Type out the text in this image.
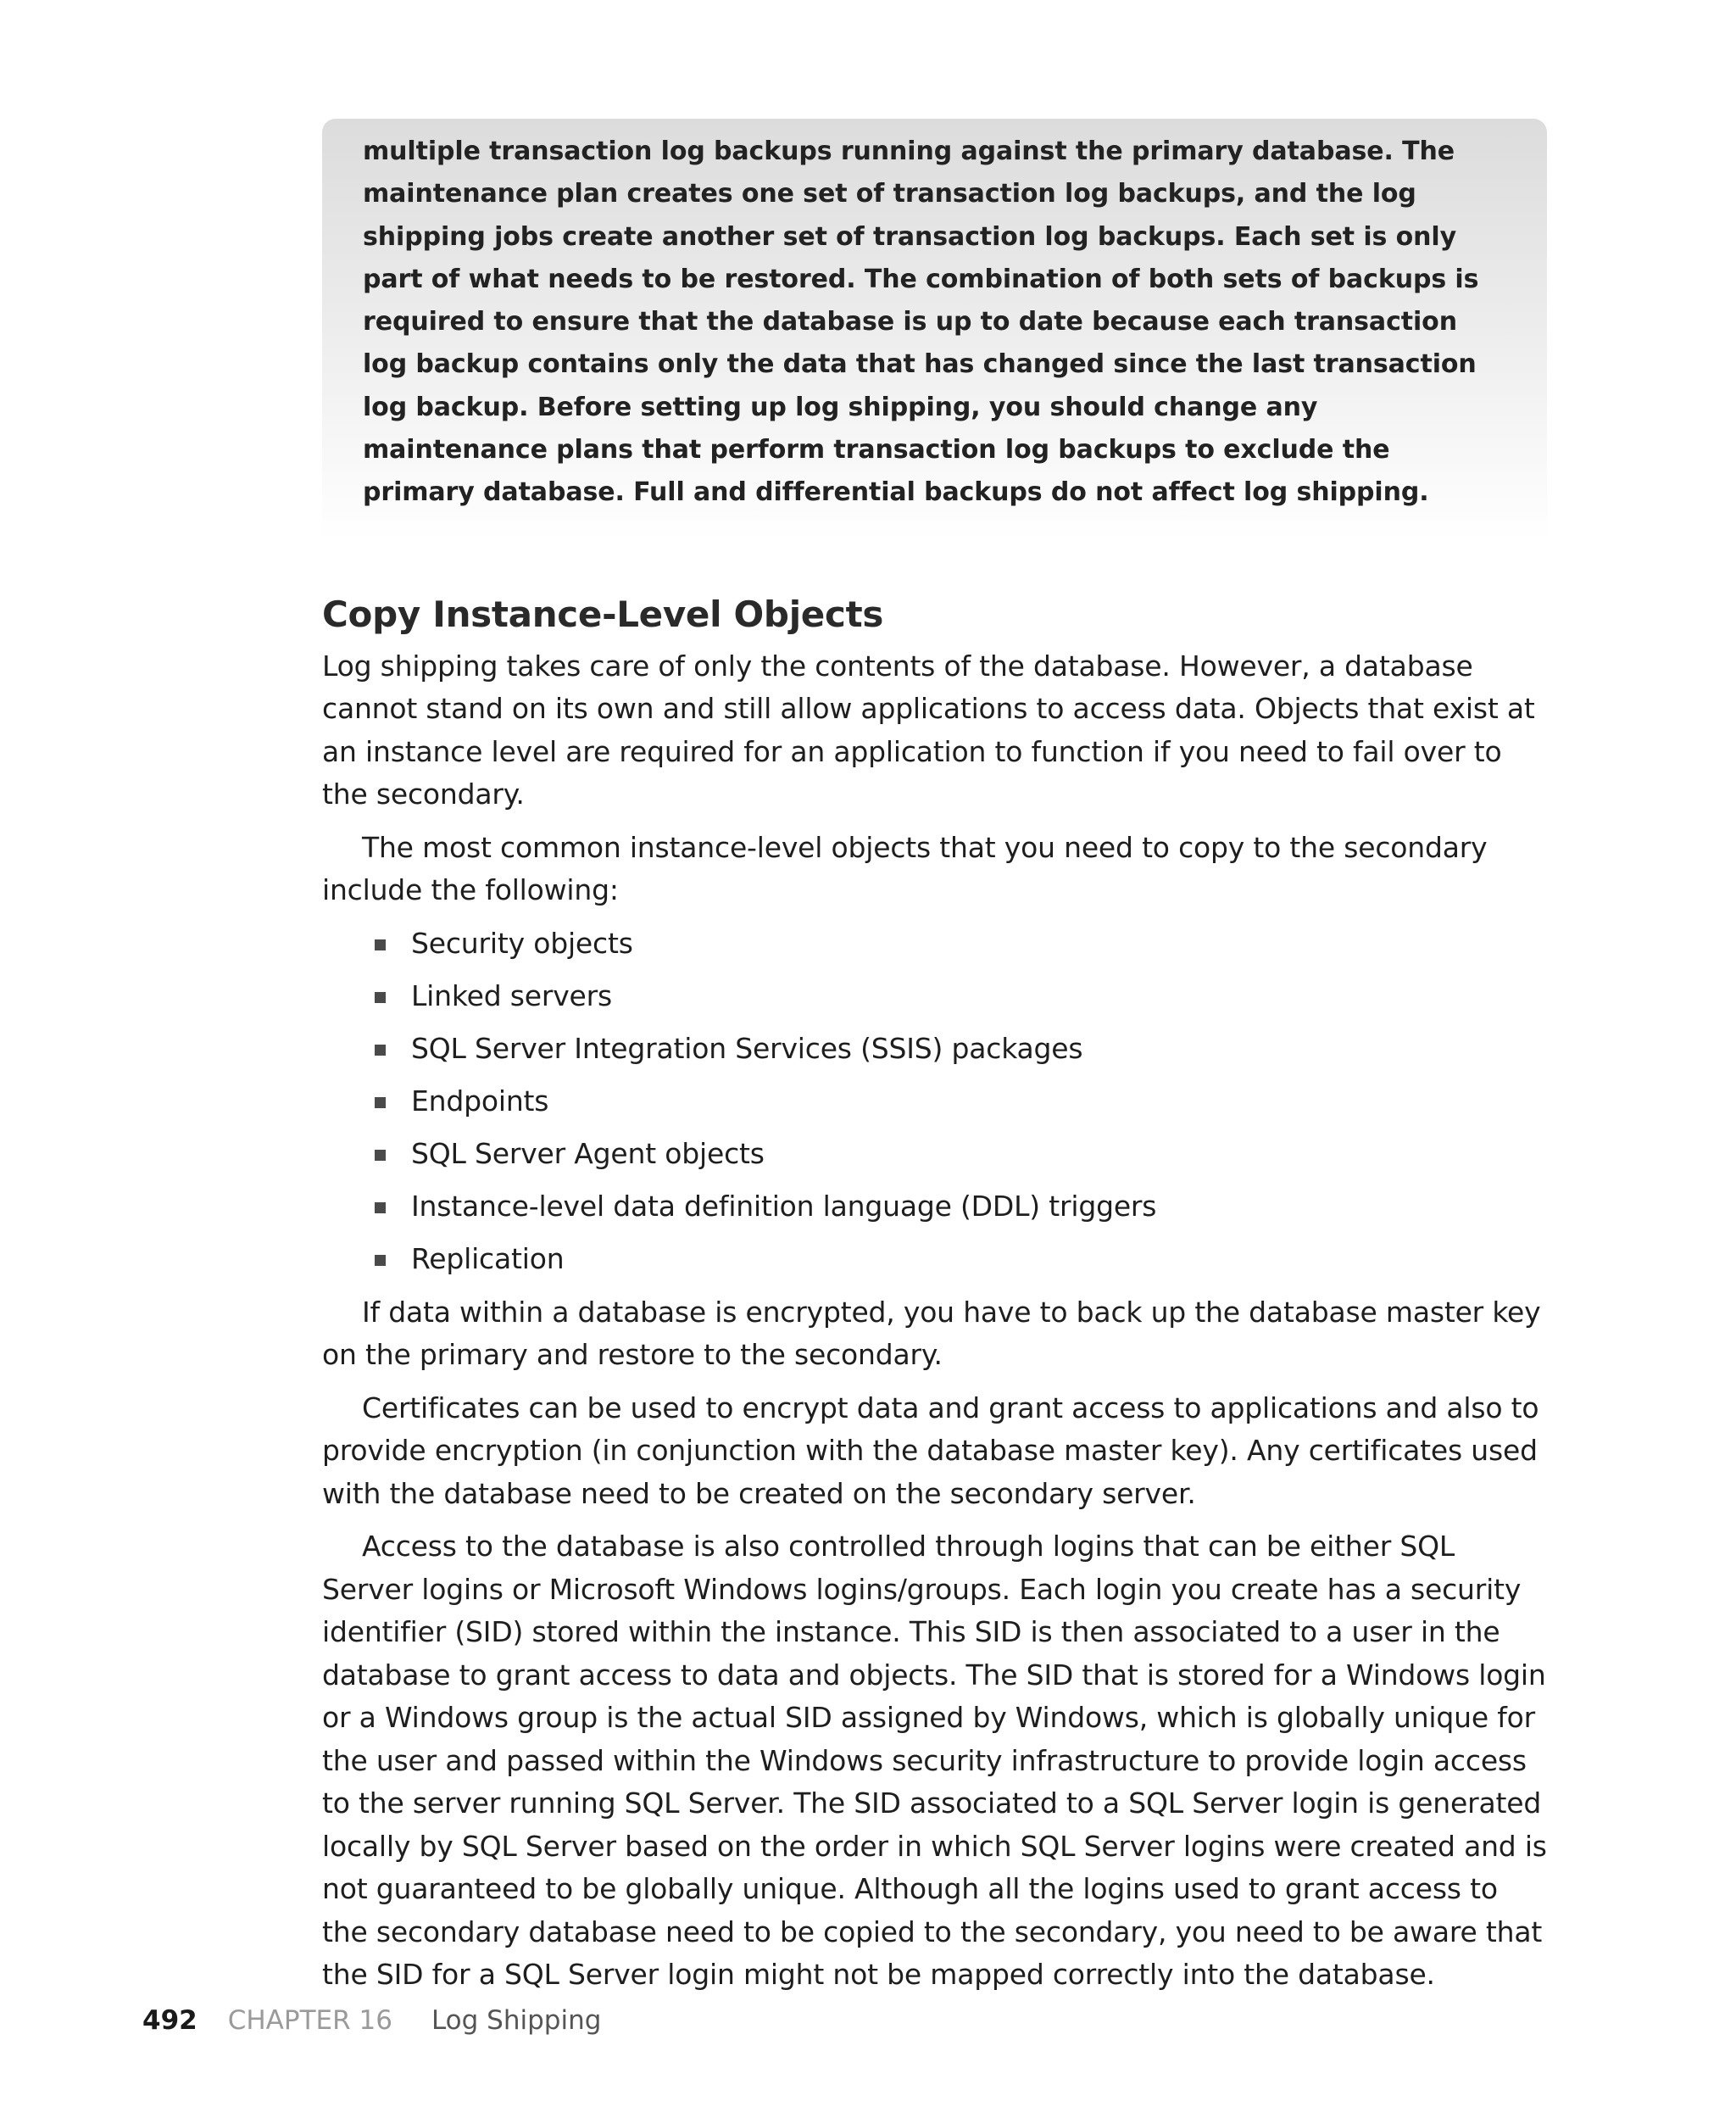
multiple transaction log backups running against the primary database. The maintenance plan creates one set of transaction log backups, and the log shipping jobs create another set of transaction log backups. Each set is only part of what needs to be restored. The combination of both sets of backups is required to ensure that the database is up to date because each transaction log backup contains only the data that has changed since the last transaction log backup. Before setting up log shipping, you should change any maintenance plans that perform transaction log backups to exclude the primary database. Full and differential backups do not affect log shipping.

Copy Instance-Level Objects

Log shipping takes care of only the contents of the database. However, a database cannot stand on its own and still allow applications to access data. Objects that exist at an instance level are required for an application to function if you need to fail over to the secondary.

The most common instance-level objects that you need to copy to the secondary include the following:

Security objects
Linked servers
SQL Server Integration Services (SSIS) packages
Endpoints
SQL Server Agent objects
Instance-level data definition language (DDL) triggers
Replication

If data within a database is encrypted, you have to back up the database master key on the primary and restore to the secondary.

Certificates can be used to encrypt data and grant access to applications and also to provide encryption (in conjunction with the database master key). Any certificates used with the database need to be created on the secondary server.

Access to the database is also controlled through logins that can be either SQL Server logins or Microsoft Windows logins/groups. Each login you create has a security identifier (SID) stored within the instance. This SID is then associated to a user in the database to grant access to data and objects. The SID that is stored for a Windows login or a Windows group is the actual SID assigned by Windows, which is globally unique for the user and passed within the Windows security infrastructure to provide login access to the server running SQL Server. The SID associated to a SQL Server login is generated locally by SQL Server based on the order in which SQL Server logins were created and is not guaranteed to be globally unique. Although all the logins used to grant access to the secondary database need to be copied to the secondary, you need to be aware that the SID for a SQL Server login might not be mapped correctly into the database.

492 CHAPTER 16 Log Shipping
